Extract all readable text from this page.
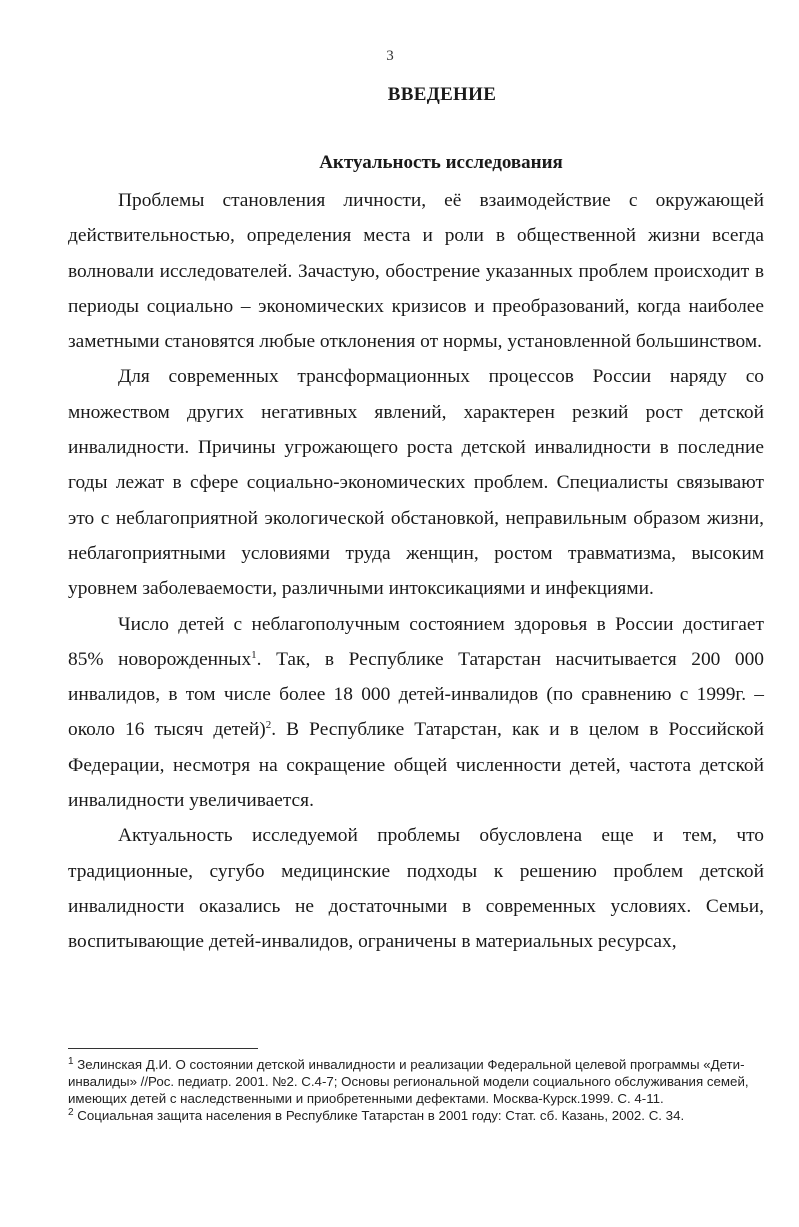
3
ВВЕДЕНИЕ
Актуальность исследования

Проблемы становления личности, её взаимодействие с окружающей действительностью, определения места и роли в общественной жизни всегда волновали исследователей. Зачастую, обострение указанных проблем происходит в периоды социально – экономических кризисов и преобразований, когда наиболее заметными становятся любые отклонения от нормы, установленной большинством.

Для современных трансформационных процессов России наряду со множеством других негативных явлений, характерен резкий рост детской инвалидности. Причины угрожающего роста детской инвалидности в последние годы лежат в сфере социально-экономических проблем. Специалисты связывают это с неблагоприятной экологической обстановкой, неправильным образом жизни, неблагоприятными условиями труда женщин, ростом травматизма, высоким уровнем заболеваемости, различными интоксикациями и инфекциями.

Число детей с неблагополучным состоянием здоровья в России достигает 85% новорожденных$^1$. Так, в Республике Татарстан насчитывается 200 000 инвалидов, в том числе более 18 000 детей-инвалидов (по сравнению с 1999г. – около 16 тысяч детей)$^2$. В Республике Татарстан, как и в целом в Российской Федерации, несмотря на сокращение общей численности детей, частота детской инвалидности увеличивается.

Актуальность исследуемой проблемы обусловлена еще и тем, что традиционные, сугубо медицинские подходы к решению проблем детской инвалидности оказались не достаточными в современных условиях. Семьи, воспитывающие детей-инвалидов, ограничены в материальных ресурсах,

$^1$ Зелинская Д.И. О состоянии детской инвалидности и реализации Федеральной целевой программы «Дети-инвалиды» //Рос. педиатр. 2001. №2. С.4-7; Основы региональной модели социального обслуживания семей, имеющих детей с наследственными и приобретенными дефектами. Москва-Курск.1999. С. 4-11.

$^2$ Социальная защита населения в Республике Татарстан в 2001 году: Стат. сб. Казань, 2002. С. 34.
